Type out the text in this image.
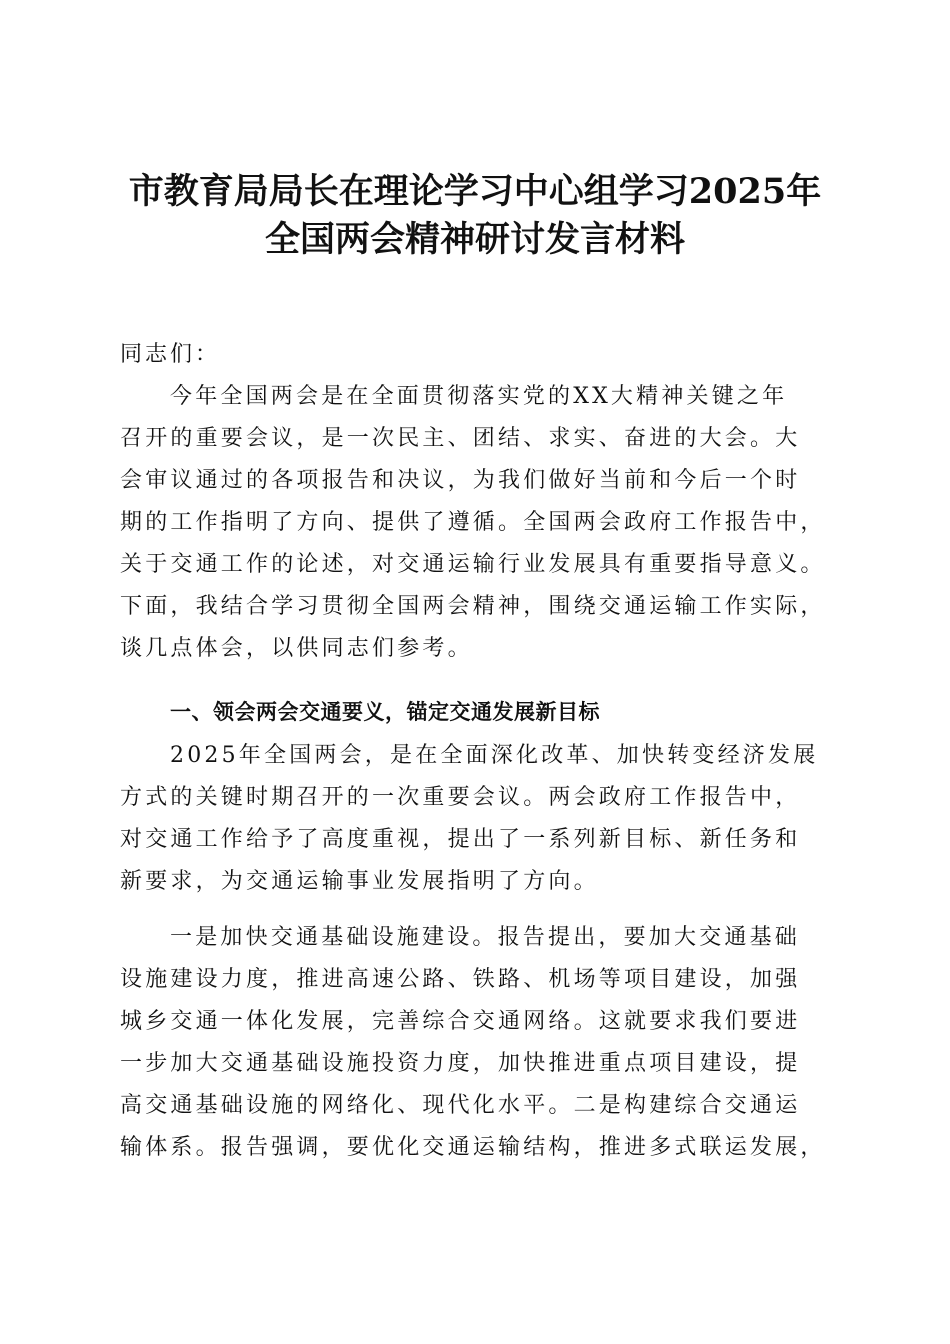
市教育局局长在理论学习中心组学习2025年
全国两会精神研讨发言材料
同志们：
今年全国两会是在全面贯彻落实党的XX大精神关键之年
召开的重要会议，是一次民主、团结、求实、奋进的大会。大
会审议通过的各项报告和决议，为我们做好当前和今后一个时
期的工作指明了方向、提供了遵循。全国两会政府工作报告中，
关于交通工作的论述，对交通运输行业发展具有重要指导意义。
下面，我结合学习贯彻全国两会精神，围绕交通运输工作实际，
谈几点体会，以供同志们参考。
一、领会两会交通要义，锚定交通发展新目标
2025年全国两会，是在全面深化改革、加快转变经济发展
方式的关键时期召开的一次重要会议。两会政府工作报告中，
对交通工作给予了高度重视，提出了一系列新目标、新任务和
新要求，为交通运输事业发展指明了方向。
一是加快交通基础设施建设。报告提出，要加大交通基础
设施建设力度，推进高速公路、铁路、机场等项目建设，加强
城乡交通一体化发展，完善综合交通网络。这就要求我们要进
一步加大交通基础设施投资力度，加快推进重点项目建设，提
高交通基础设施的网络化、现代化水平。二是构建综合交通运
输体系。报告强调，要优化交通运输结构，推进多式联运发展，
